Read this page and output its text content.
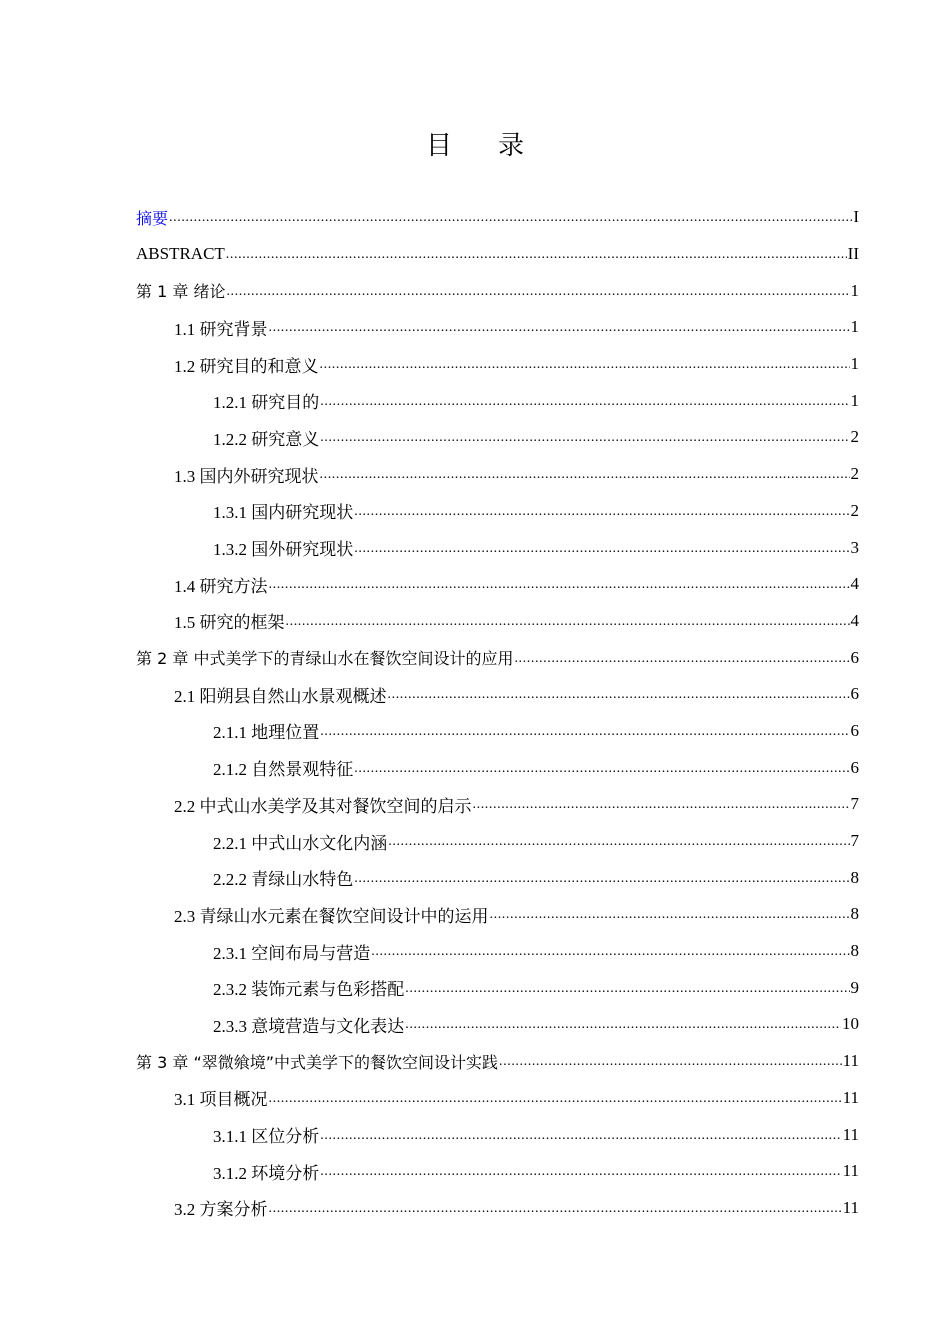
目 录
摘要 .....	I
ABSTRACT .....	II
第 1 章 绪论 .....	1
1.1 研究背景 .....	1
1.2 研究目的和意义 .....	1
1.2.1 研究目的 .....	1
1.2.2 研究意义 .....	2
1.3 国内外研究现状 .....	2
1.3.1 国内研究现状 .....	2
1.3.2 国外研究现状 .....	3
1.4 研究方法 .....	4
1.5 研究的框架 .....	4
第 2 章 中式美学下的青绿山水在餐饮空间设计的应用 .....	6
2.1 阳朔县自然山水景观概述 .....	6
2.1.1 地理位置 .....	6
2.1.2 自然景观特征 .....	6
2.2 中式山水美学及其对餐饮空间的启示 .....	7
2.2.1 中式山水文化内涵 .....	7
2.2.2 青绿山水特色 .....	8
2.3 青绿山水元素在餐饮空间设计中的运用 .....	8
2.3.1 空间布局与营造 .....	8
2.3.2 装饰元素与色彩搭配 .....	9
2.3.3 意境营造与文化表达 .....	10
第 3 章 “翠微飨境”中式美学下的餐饮空间设计实践 .....	11
3.1 项目概况 .....	11
3.1.1 区位分析 .....	11
3.1.2 环境分析 .....	11
3.2 方案分析 .....	11
